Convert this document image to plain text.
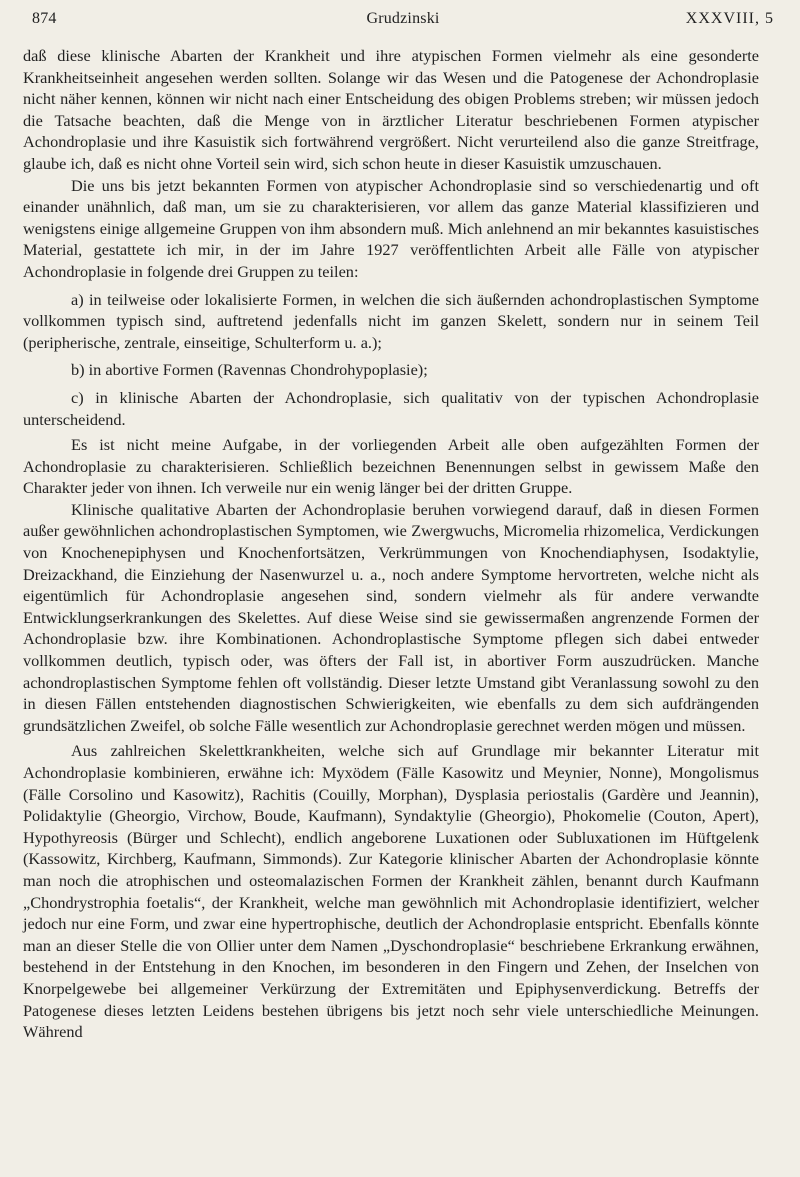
874	Grudzinski	XXXVIII, 5

daß diese klinische Abarten der Krankheit und ihre atypischen Formen vielmehr als eine gesonderte Krankheitseinheit angesehen werden sollten. Solange wir das Wesen und die Patogenese der Achondroplasie nicht näher kennen, können wir nicht nach einer Entscheidung des obigen Problems streben; wir müssen jedoch die Tatsache beachten, daß die Menge von in ärztlicher Literatur beschriebenen Formen atypischer Achondroplasie und ihre Kasuistik sich fortwährend vergrößert. Nicht verurteilend also die ganze Streitfrage, glaube ich, daß es nicht ohne Vorteil sein wird, sich schon heute in dieser Kasuistik umzuschauen.

Die uns bis jetzt bekannten Formen von atypischer Achondroplasie sind so verschiedenartig und oft einander unähnlich, daß man, um sie zu charakterisieren, vor allem das ganze Material klassifizieren und wenigstens einige allgemeine Gruppen von ihm absondern muß. Mich anlehnend an mir bekanntes kasuistisches Material, gestattete ich mir, in der im Jahre 1927 veröffentlichten Arbeit alle Fälle von atypischer Achondroplasie in folgende drei Gruppen zu teilen:

a) in teilweise oder lokalisierte Formen, in welchen die sich äußernden achondroplastischen Symptome vollkommen typisch sind, auftretend jedenfalls nicht im ganzen Skelett, sondern nur in seinem Teil (peripherische, zentrale, einseitige, Schulterform u. a.);

b) in abortive Formen (Ravennas Chondrohypoplasie);

c) in klinische Abarten der Achondroplasie, sich qualitativ von der typischen Achondroplasie unterscheidend.

Es ist nicht meine Aufgabe, in der vorliegenden Arbeit alle oben aufgezählten Formen der Achondroplasie zu charakterisieren. Schließlich bezeichnen Benennungen selbst in gewissem Maße den Charakter jeder von ihnen. Ich verweile nur ein wenig länger bei der dritten Gruppe.

Klinische qualitative Abarten der Achondroplasie beruhen vorwiegend darauf, daß in diesen Formen außer gewöhnlichen achondroplastischen Symptomen, wie Zwergwuchs, Micromelia rhizomelica, Verdickungen von Knochenepiphysen und Knochenfortsätzen, Verkrümmungen von Knochendiaphysen, Isodaktylie, Dreizackhand, die Einziehung der Nasenwurzel u. a., noch andere Symptome hervortreten, welche nicht als eigentümlich für Achondroplasie angesehen sind, sondern vielmehr als für andere verwandte Entwicklungserkrankungen des Skelettes. Auf diese Weise sind sie gewissermaßen angrenzende Formen der Achondroplasie bzw. ihre Kombinationen. Achondroplastische Symptome pflegen sich dabei entweder vollkommen deutlich, typisch oder, was öfters der Fall ist, in abortiver Form auszudrücken. Manche achondroplastischen Symptome fehlen oft vollständig. Dieser letzte Umstand gibt Veranlassung sowohl zu den in diesen Fällen entstehenden diagnostischen Schwierigkeiten, wie ebenfalls zu dem sich aufdrängenden grundsätzlichen Zweifel, ob solche Fälle wesentlich zur Achondroplasie gerechnet werden mögen und müssen.

Aus zahlreichen Skelettkrankheiten, welche sich auf Grundlage mir bekannter Literatur mit Achondroplasie kombinieren, erwähne ich: Myxödem (Fälle Kasowitz und Meynier, Nonne), Mongolismus (Fälle Corsolino und Kasowitz), Rachitis (Couilly, Morphan), Dysplasia periostalis (Gardère und Jeannin), Polidaktylie (Gheorgio, Virchow, Boude, Kaufmann), Syndaktylie (Gheorgio), Phokomelie (Couton, Apert), Hypothyreosis (Bürger und Schlecht), endlich angeborene Luxationen oder Subluxationen im Hüftgelenk (Kassowitz, Kirchberg, Kaufmann, Simmonds). Zur Kategorie klinischer Abarten der Achondroplasie könnte man noch die atrophischen und osteomalazischen Formen der Krankheit zählen, benannt durch Kaufmann „Chondrystrophia foetalis“, der Krankheit, welche man gewöhnlich mit Achondroplasie identifiziert, welcher jedoch nur eine Form, und zwar eine hypertrophische, deutlich der Achondroplasie entspricht. Ebenfalls könnte man an dieser Stelle die von Ollier unter dem Namen „Dyschondroplasie“ beschriebene Erkrankung erwähnen, bestehend in der Entstehung in den Knochen, im besonderen in den Fingern und Zehen, der Inselchen von Knorpelgewebe bei allgemeiner Verkürzung der Extremitäten und Epiphysenverdickung. Betreffs der Patogenese dieses letzten Leidens bestehen übrigens bis jetzt noch sehr viele unterschiedliche Meinungen. Während
